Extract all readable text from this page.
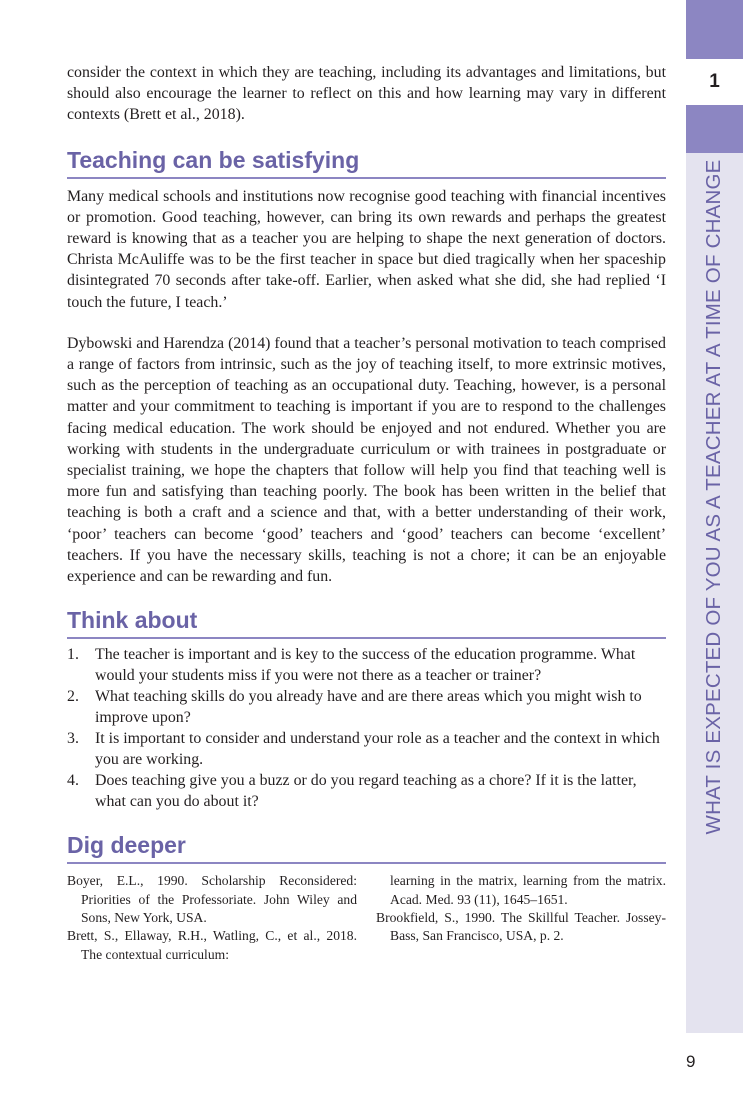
1
WHAT IS EXPECTED OF YOU AS A TEACHER AT A TIME OF CHANGE

consider the context in which they are teaching, including its advantages and limitations, but should also encourage the learner to reflect on this and how learning may vary in different contexts (Brett et al., 2018).

Teaching can be satisfying

Many medical schools and institutions now recognise good teaching with financial incentives or promotion. Good teaching, however, can bring its own rewards and perhaps the greatest reward is knowing that as a teacher you are helping to shape the next generation of doctors. Christa McAuliffe was to be the first teacher in space but died tragically when her spaceship disintegrated 70 seconds after take-off. Earlier, when asked what she did, she had replied ‘I touch the future, I teach.’

Dybowski and Harendza (2014) found that a teacher’s personal motivation to teach comprised a range of factors from intrinsic, such as the joy of teaching itself, to more extrinsic motives, such as the perception of teaching as an occupational duty. Teaching, however, is a personal matter and your commitment to teaching is important if you are to respond to the challenges facing medical education. The work should be enjoyed and not endured. Whether you are working with students in the undergraduate curriculum or with trainees in postgraduate or specialist training, we hope the chapters that follow will help you find that teaching well is more fun and satisfying than teaching poorly. The book has been written in the belief that teaching is both a craft and a science and that, with a better understanding of their work, ‘poor’ teachers can become ‘good’ teachers and ‘good’ teachers can become ‘excellent’ teachers. If you have the necessary skills, teaching is not a chore; it can be an enjoyable experience and can be rewarding and fun.

Think about
1. The teacher is important and is key to the success of the education programme. What would your students miss if you were not there as a teacher or trainer?
2. What teaching skills do you already have and are there areas which you might wish to improve upon?
3. It is important to consider and understand your role as a teacher and the context in which you are working.
4. Does teaching give you a buzz or do you regard teaching as a chore? If it is the latter, what can you do about it?
Dig deeper

Boyer, E.L., 1990. Scholarship Reconsidered: Priorities of the Professoriate. John Wiley and Sons, New York, USA.

Brett, S., Ellaway, R.H., Watling, C., et al., 2018. The contextual curriculum:

learning in the matrix, learning from the matrix. Acad. Med. 93 (11), 1645–1651.

Brookfield, S., 1990. The Skillful Teacher. Jossey-Bass, San Francisco, USA, p. 2.

9
